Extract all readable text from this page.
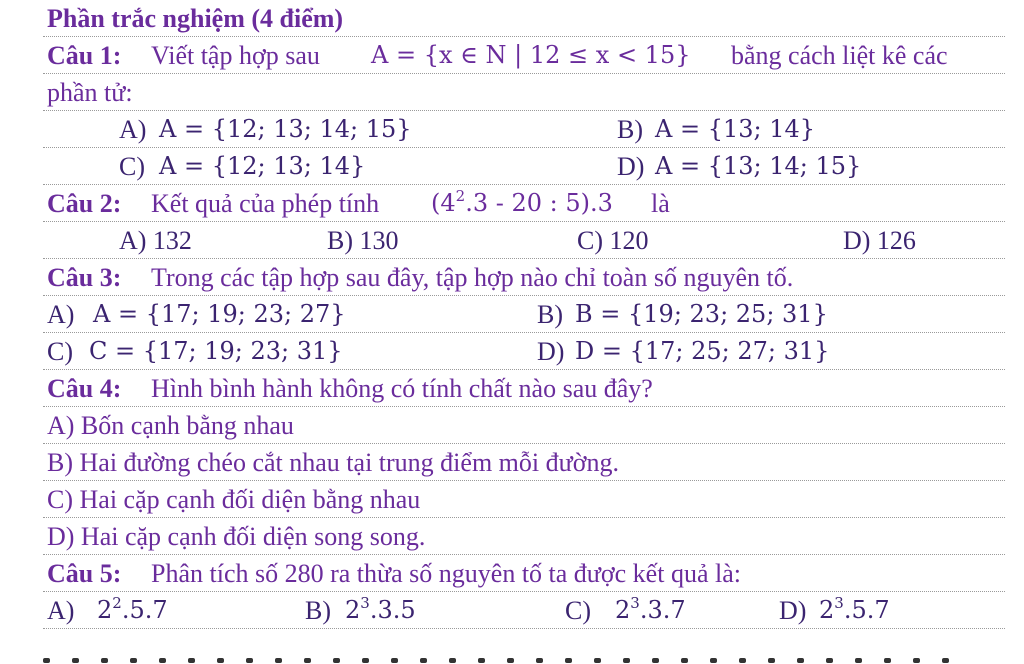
Phần trắc nghiệm (4 điểm)
Câu 1: Viết tập hợp sau A = {x ∈ N | 12 ≤ x < 15} bằng cách liệt kê các
phần tử:
A) A = {12; 13; 14; 15}	B) A = {13; 14}
C) A = {12; 13; 14}	D) A = {13; 14; 15}
Câu 2: Kết quả của phép tính ($4^2.3 - 20$ : 5).3 là
A) 132	B) 130	C) 120	D) 126
Câu 3: Trong các tập hợp sau đây, tập hợp nào chỉ toàn số nguyên tố.
A) A = {17; 19; 23; 27}	B) B = {19; 23; 25; 31}
C) C = {17; 19; 23; 31}	D) D = {17; 25; 27; 31}
Câu 4: Hình bình hành không có tính chất nào sau đây?
A) Bốn cạnh bằng nhau
B) Hai đường chéo cắt nhau tại trung điểm mỗi đường.
C) Hai cặp cạnh đối diện bằng nhau
D) Hai cặp cạnh đối diện song song.
Câu 5: Phân tích số 280 ra thừa số nguyên tố ta được kết quả là:
A) $2^2.5.7$	B) $2^3.3.5$	C) $2^3.3.7$	D) $2^3.5.7$
